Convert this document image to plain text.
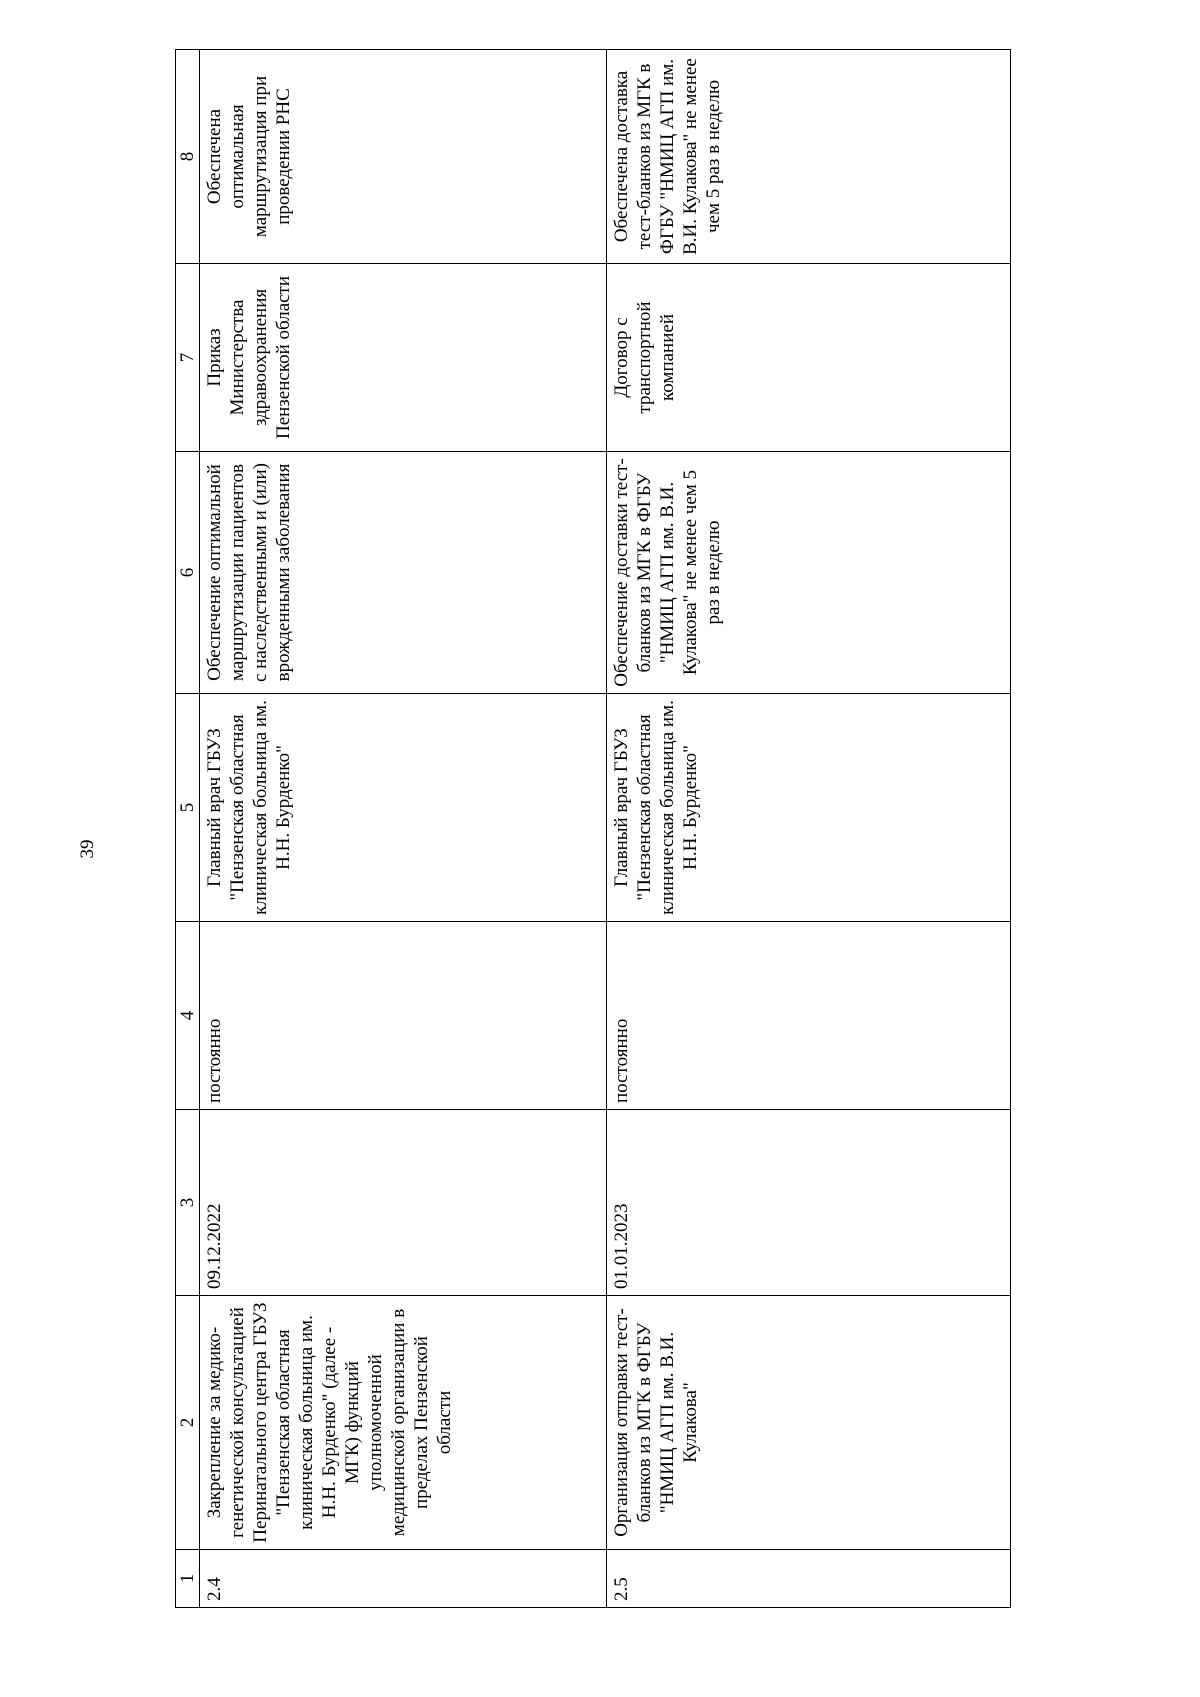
39
1	2	3	4	5	6	7	8
2.4	Закрепление за медико-генетической консультацией Перинатального центра ГБУЗ "Пензенская областная клиническая больница им. Н.Н. Бурденко" (далее - МГК) функций уполномоченной медицинской организации в пределах Пензенской области	09.12.2022	постоянно	Главный врач ГБУЗ "Пензенская областная клиническая больница им. Н.Н. Бурденко"	Обеспечение оптимальной маршрутизации пациентов с наследственными и (или) врожденными заболевания	Приказ Министерства здравоохранения Пензенской области	Обеспечена оптимальная маршрутизация при проведении РНС
2.5	Организация отправки тест-бланков из МГК в ФГБУ "НМИЦ АГП им. В.И. Кулакова"	01.01.2023	постоянно	Главный врач ГБУЗ "Пензенская областная клиническая больница им. Н.Н. Бурденко"	Обеспечение доставки тест-бланков из МГК в ФГБУ "НМИЦ АГП им. В.И. Кулакова" не менее чем 5 раз в неделю	Договор с транспортной компанией	Обеспечена доставка тест-бланков из МГК в ФГБУ "НМИЦ АГП им. В.И. Кулакова" не менее чем 5 раз в неделю
